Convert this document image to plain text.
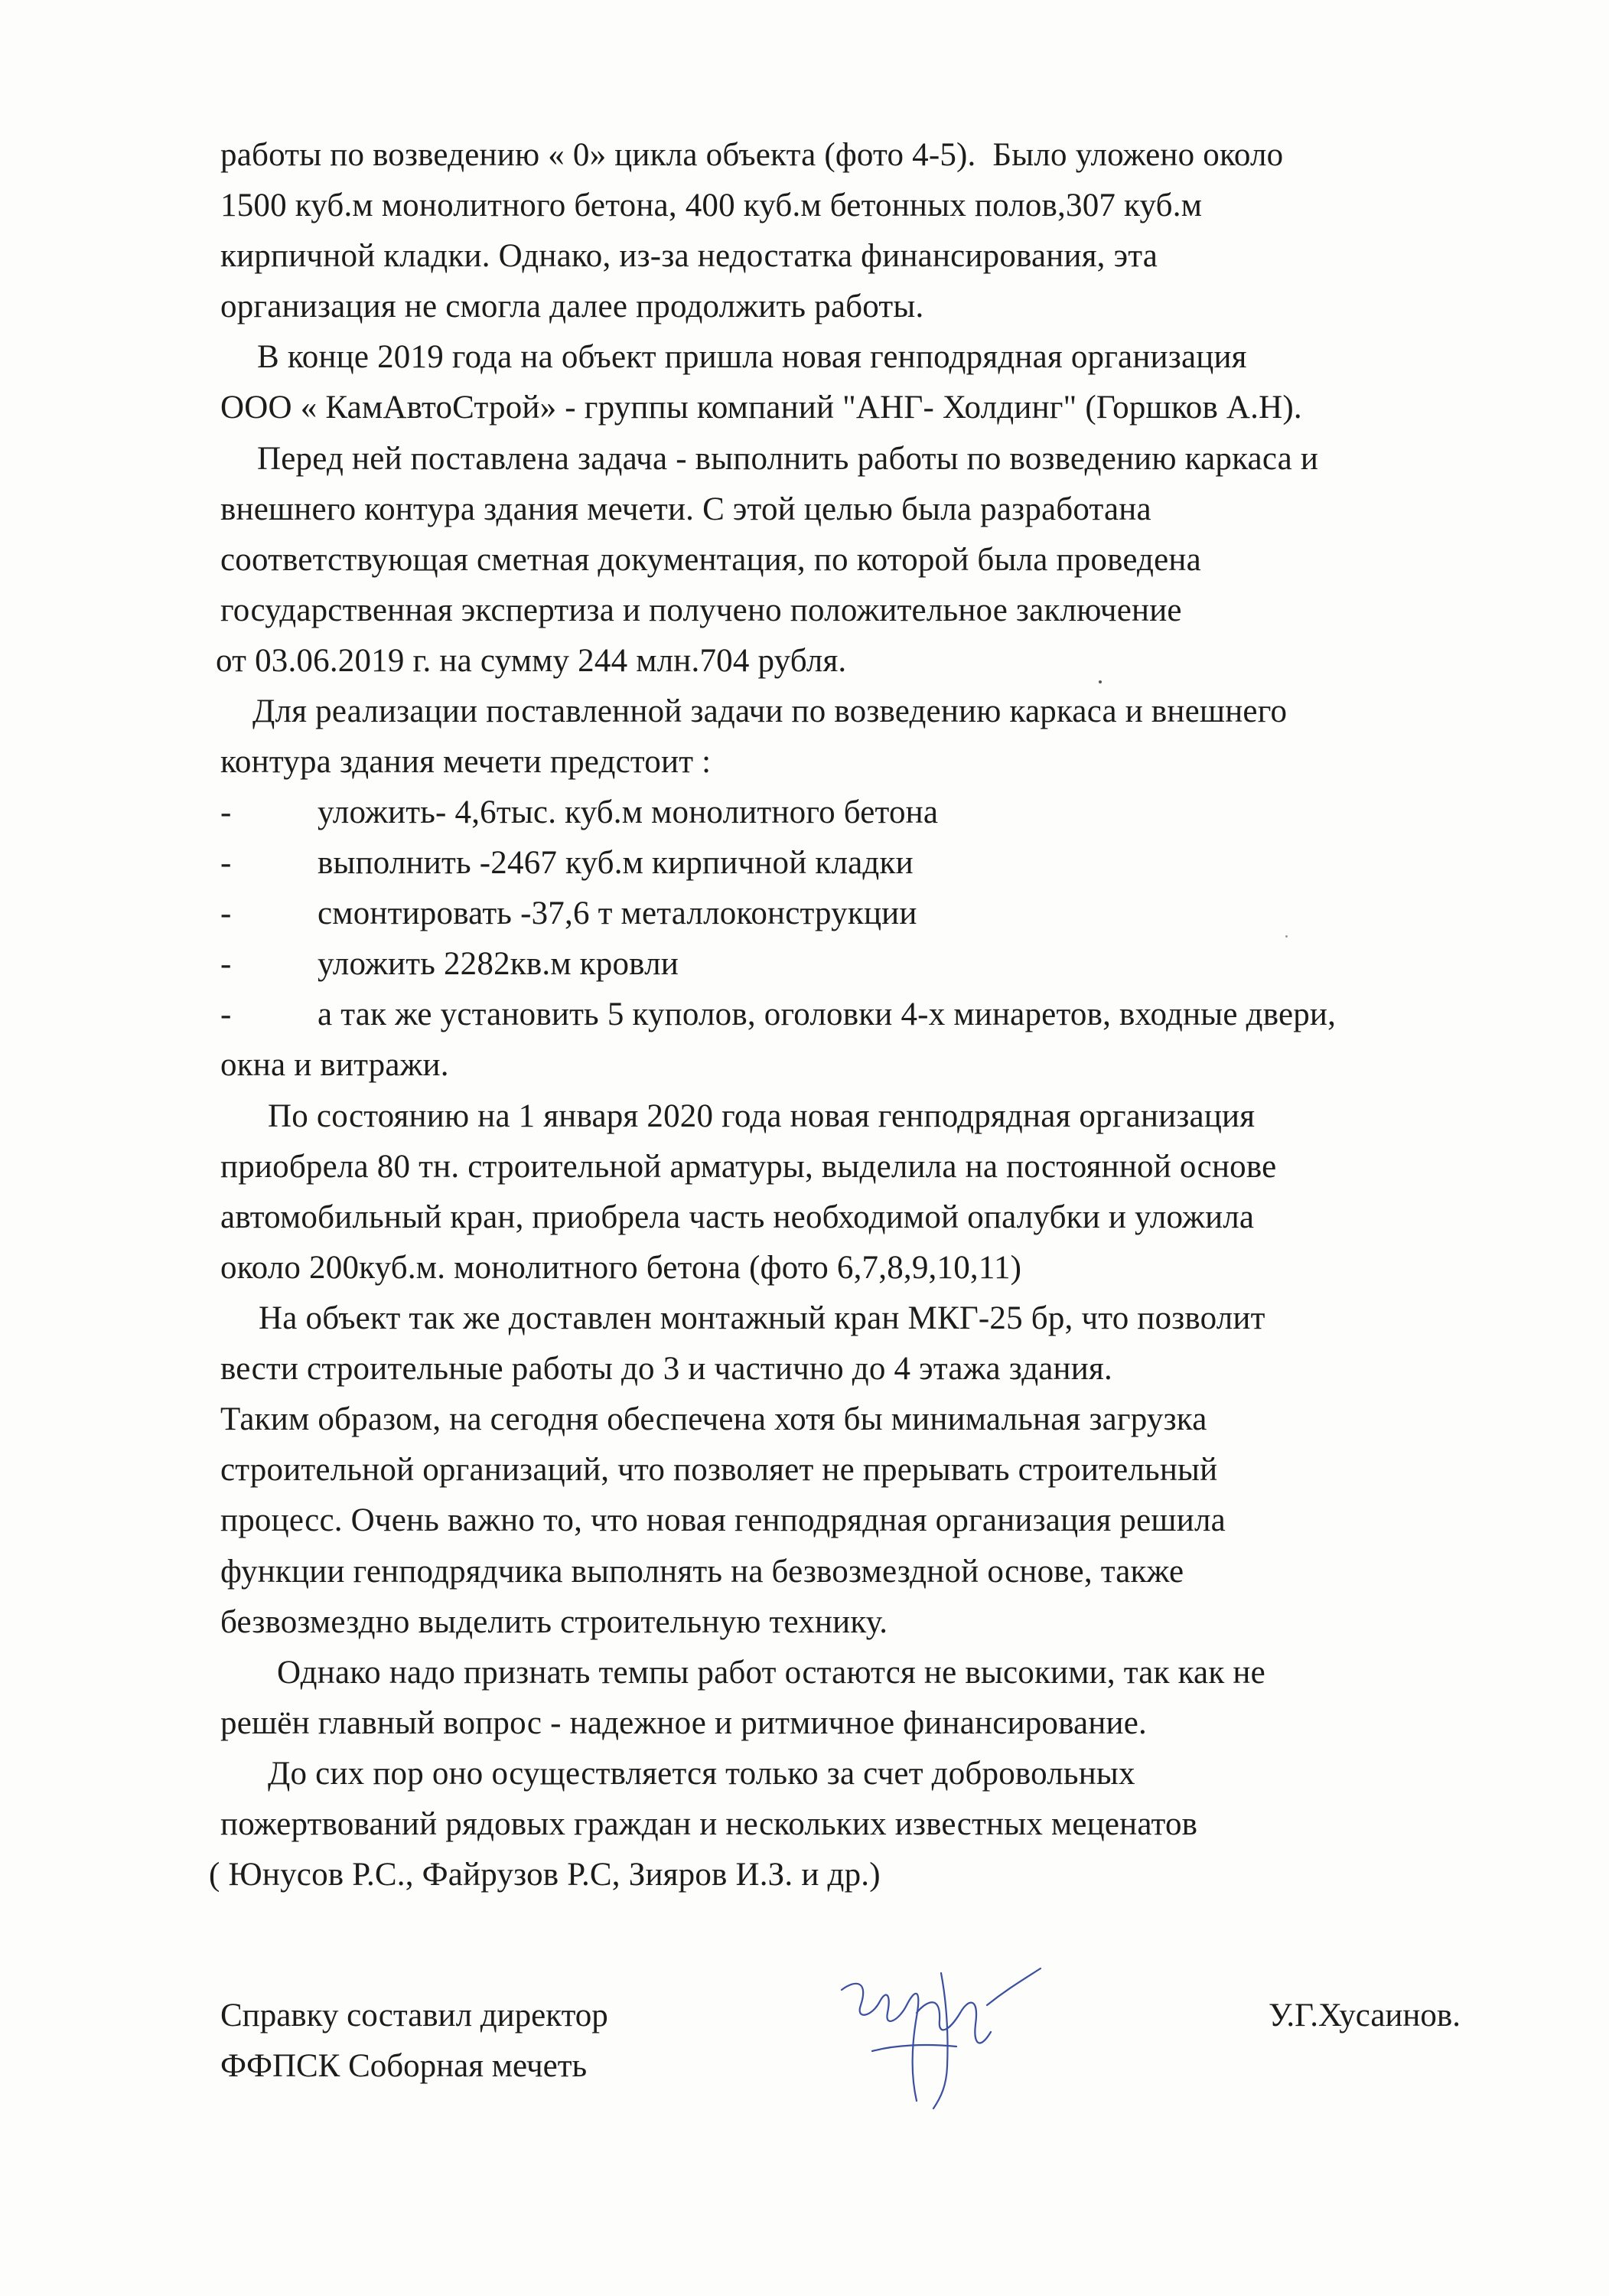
работы по возведению « 0» цикла объекта (фото 4-5).  Было уложено около
1500 куб.м монолитного бетона, 400 куб.м бетонных полов,307 куб.м
кирпичной кладки. Однако, из-за недостатка финансирования, эта
организация не смогла далее продолжить работы.
В конце 2019 года на объект пришла новая генподрядная организация
ООО « КамАвтоСтрой» - группы компаний "АНГ- Холдинг" (Горшков А.Н).
Перед ней поставлена задача - выполнить работы по возведению каркаса и
внешнего контура здания мечети. С этой целью была разработана
соответствующая сметная документация, по которой была проведена
государственная экспертиза и получено положительное заключение
от 03.06.2019 г. на сумму 244 млн.704 рубля.
Для реализации поставленной задачи по возведению каркаса и внешнего
контура здания мечети предстоит :
-	уложить- 4,6тыс. куб.м монолитного бетона
-	выполнить -2467 куб.м кирпичной кладки
-	смонтировать -37,6 т металлоконструкции
-	уложить 2282кв.м кровли
-	а так же установить 5 куполов, оголовки 4-х минаретов, входные двери,
окна и витражи.
По состоянию на 1 января 2020 года новая генподрядная организация
приобрела 80 тн. строительной арматуры, выделила на постоянной основе
автомобильный кран, приобрела часть необходимой опалубки и уложила
около 200куб.м. монолитного бетона (фото 6,7,8,9,10,11)
На объект так же доставлен монтажный кран МКГ-25 бр, что позволит
вести строительные работы до 3 и частично до 4 этажа здания.
Таким образом, на сегодня обеспечена хотя бы минимальная загрузка
строительной организаций, что позволяет не прерывать строительный
процесс. Очень важно то, что новая генподрядная организация решила
функции генподрядчика выполнять на безвозмездной основе, также
безвозмездно выделить строительную технику.
Однако надо признать темпы работ остаются не высокими, так как не
решён главный вопрос - надежное и ритмичное финансирование.
До сих пор оно осуществляется только за счет добровольных
пожертвований рядовых граждан и нескольких известных меценатов
( Юнусов Р.С., Файрузов Р.С, Зияров И.З. и др.)
Справку составил директор
ФФПСК Соборная мечеть
У.Г.Хусаинов.
